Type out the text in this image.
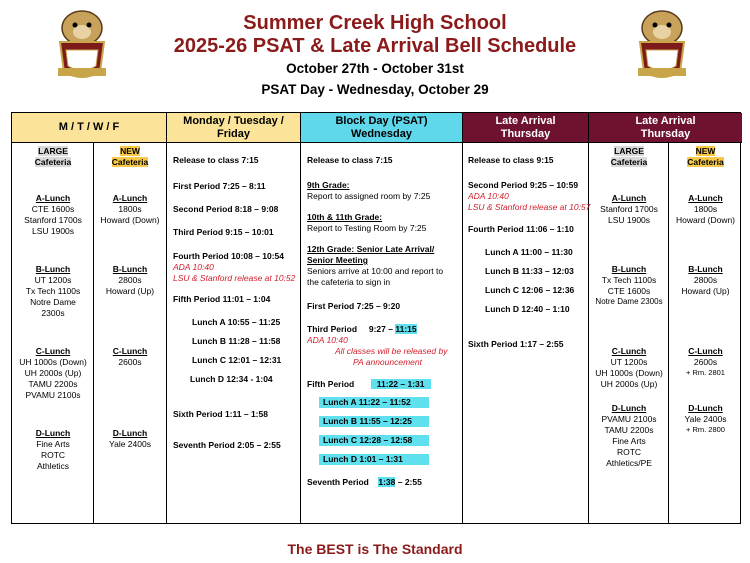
Summer Creek High School
2025-26 PSAT & Late Arrival Bell Schedule
October 27th - October 31st
PSAT Day - Wednesday, October 29
M / T / W / F
LARGE
Cafeteria
A-Lunch
CTE 1600s
Stanford 1700s
LSU 1900s
B-Lunch
UT 1200s
Tx Tech 1100s
Notre Dame
2300s
C-Lunch
UH 1000s (Down)
UH 2000s (Up)
TAMU 2200s
PVAMU 2100s
D-Lunch
Fine Arts
ROTC
Athletics
NEW
Cafeteria
A-Lunch
1800s
Howard (Down)
B-Lunch
2800s
Howard (Up)
C-Lunch
2600s
D-Lunch
Yale 2400s
Monday / Tuesday /
Friday
Release to class 7:15
First Period 7:25 – 8:11
Second Period 8:18 – 9:08
Third Period 9:15 – 10:01
Fourth Period 10:08 – 10:54
ADA 10:40
LSU & Stanford release at 10:52
Fifth Period 11:01 – 1:04
Lunch A 10:55 – 11:25
Lunch B 11:28 – 11:58
Lunch C 12:01 – 12:31
Lunch D 12:34 - 1:04
Sixth Period 1:11 – 1:58
Seventh Period 2:05 – 2:55
Block Day (PSAT)
Wednesday
Release to class 7:15
9th Grade:
Report to assigned room by 7:25
10th & 11th Grade:
Report to Testing Room by 7:25
12th Grade: Senior Late Arrival/
Senior Meeting
Seniors arrive at 10:00 and report to
the cafeteria to sign in
First Period 7:25 – 9:20
Third Period 9:27 – 11:15
ADA 10:40
All classes will be released by
PA announcement
Fifth Period	11:22 – 1:31
Lunch A 11:22 – 11:52
Lunch B 11:55 – 12:25
Lunch C 12:28 – 12:58
Lunch D 1:01 – 1:31
Seventh Period 1:38 – 2:55
Late Arrival
Thursday
Release to class 9:15
Second Period 9:25 – 10:59
ADA 10:40
LSU & Stanford release at 10:57
Fourth Period 11:06 – 1:10
Lunch A 11:00 – 11:30
Lunch B 11:33 – 12:03
Lunch C 12:06 – 12:36
Lunch D 12:40 – 1:10
Sixth Period 1:17 – 2:55
Late Arrival
Thursday
LARGE
Cafeteria
A-Lunch
Stanford 1700s
LSU 1900s
B-Lunch
Tx Tech 1100s
CTE 1600s
Notre Dame 2300s
C-Lunch
UT 1200s
UH 1000s (Down)
UH 2000s (Up)
D-Lunch
PVAMU 2100s
TAMU 2200s
Fine Arts
ROTC
Athletics/PE
NEW
Cafeteria
A-Lunch
1800s
Howard (Down)
B-Lunch
2800s
Howard (Up)
C-Lunch
2600s
+ Rm. 2801
D-Lunch
Yale 2400s
+ Rm. 2800
The BEST is The Standard
